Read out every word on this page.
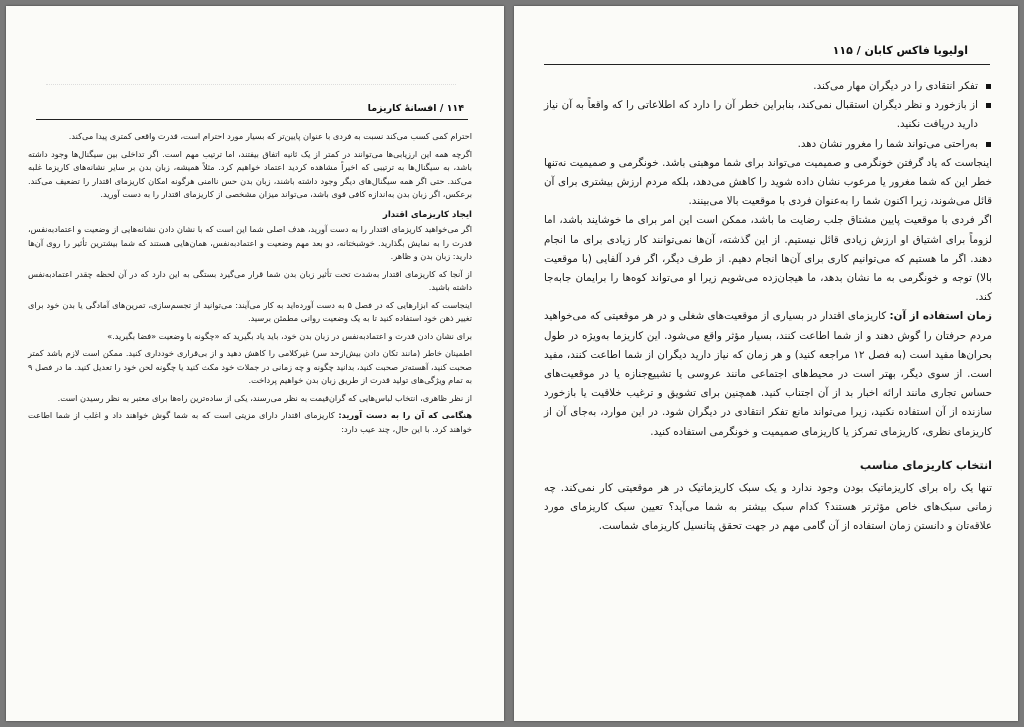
۱۱۴ / افسانهٔ کاریزما

احترام کمی کسب می‌کند نسبت به فردی با عنوان پایین‌تر که بسیار مورد احترام است، قدرت واقعی کمتری پیدا می‌کند.

اگرچه همه این ارزیابی‌ها می‌توانند در کمتر از یک ثانیه اتفاق بیفتند، اما ترتیب مهم است. اگر تداخلی بین سیگنال‌ها وجود داشته باشد، به سیگنال‌ها به ترتیبی که اخیراً مشاهده کردید اعتماد خواهیم کرد. مثلاً همیشه، زبان بدن بر سایر نشانه‌های کاریزما غلبه می‌کند. حتی اگر همه سیگنال‌های دیگر وجود داشته باشند، زبان بدن حس ناامنی هرگونه امکان کاریزمای اقتدار را تضعیف می‌کند. برعکس، اگر زبان بدن به‌اندازه کافی قوی باشد، می‌تواند میزان مشخصی از کاریزمای اقتدار را به دست آورید.

ایجاد کاریزمای اقتدار

اگر می‌خواهید کاریزمای اقتدار را به دست آورید، هدف اصلی شما این است که با نشان دادن نشانه‌هایی از وضعیت و اعتمادبه‌نفس، قدرت را به نمایش بگذارید. خوشبختانه، دو بعد مهم وضعیت و اعتمادبه‌نفس، همان‌هایی هستند که شما بیشترین تأثیر را روی آن‌ها دارید: زبان بدن و ظاهر.

از آنجا که کاریزمای اقتدار به‌شدت تحت تأثیر زبان بدن شما قرار می‌گیرد بستگی به این دارد که در آن لحظه چقدر اعتمادبه‌نفس داشته باشید.

اینجاست که ابزارهایی که در فصل ۵ به دست آورده‌اید به کار می‌آیند: می‌توانید از تجسم‌سازی، تمرین‌های آمادگی یا بدن خود برای تغییر ذهن خود استفاده کنید تا به یک وضعیت روانی مطمئن برسید.

برای نشان دادن قدرت و اعتمادبه‌نفس در زبان بدن خود، باید یاد بگیرید که «چگونه با وضعیت «فضا بگیرید.»

اطمینان خاطر (مانند تکان دادن بیش‌ازحد سر) غیرکلامی را کاهش دهید و از بی‌قراری خودداری کنید. ممکن است لازم باشد کمتر صحبت کنید، آهسته‌تر صحبت کنید، بدانید چگونه و چه زمانی در جملات خود مکث کنید یا چگونه لحن خود را تعدیل کنید. ما در فصل ۹ به تمام ویژگی‌های تولید قدرت از طریق زبان بدن خواهیم پرداخت.

از نظر ظاهری، انتخاب لباس‌هایی که گران‌قیمت به نظر می‌رسند، یکی از ساده‌ترین راه‌ها برای معتبر به نظر رسیدن است.

هنگامی که آن را به دست آورید: کاریزمای اقتدار دارای مزیتی است که به شما گوش خواهند داد و اغلب از شما اطاعت خواهند کرد. با این حال، چند عیب دارد:

اولیویا فاکس کابان / ۱۱۵
تفکر انتقادی را در دیگران مهار می‌کند.
از بازخورد و نظر دیگران استقبال نمی‌کند، بنابراین خطر آن را دارد که اطلاعاتی را که واقعاً به آن نیاز دارید دریافت نکنید.
به‌راحتی می‌تواند شما را مغرور نشان دهد.

اینجاست که یاد گرفتن خونگرمی و صمیمیت می‌تواند برای شما موهبتی باشد. خونگرمی و صمیمیت نه‌تنها خطر این که شما مغرور یا مرعوب نشان داده شوید را کاهش می‌دهد، بلکه مردم ارزش بیشتری برای آن قائل می‌شوند، زیرا اکنون شما را به‌عنوان فردی با موقعیت بالا می‌بینند.

اگر فردی با موقعیت پایین مشتاق جلب رضایت ما باشد، ممکن است این امر برای ما خوشایند باشد، اما لزوماً برای اشتیاق او ارزش زیادی قائل نیستیم. از این گذشته، آن‌ها نمی‌توانند کار زیادی برای ما انجام دهند. اگر ما هستیم که می‌توانیم کاری برای آن‌ها انجام دهیم. از طرف دیگر، اگر فرد آلفایی (با موقعیت بالا) توجه و خونگرمی به ما نشان بدهد، ما هیجان‌زده می‌شویم زیرا او می‌تواند کوه‌ها را برایمان جابه‌جا کند.

زمان استفاده از آن: کاریزمای اقتدار در بسیاری از موقعیت‌های شغلی و در هر موقعیتی که می‌خواهید مردم حرفتان را گوش دهند و از شما اطاعت کنند، بسیار مؤثر واقع می‌شود. این کاریزما به‌ویژه در طول بحران‌ها مفید است (به فصل ۱۲ مراجعه کنید) و هر زمان که نیاز دارید دیگران از شما اطاعت کنند، مفید است. از سوی دیگر، بهتر است در محیط‌های اجتماعی مانند عروسی یا تشییع‌جنازه یا در موقعیت‌های حساس تجاری مانند ارائه اخبار بد از آن اجتناب کنید. همچنین برای تشویق و ترغیب خلاقیت یا بازخورد سازنده از آن استفاده نکنید، زیرا می‌تواند مانع تفکر انتقادی در دیگران شود. در این موارد، به‌جای آن از کاریزمای نظری، کاریزمای تمرکز یا کاریزمای صمیمیت و خونگرمی استفاده کنید.

انتخاب کاریزمای مناسب

تنها یک راه برای کاریزماتیک بودن وجود ندارد و یک سبک کاریزماتیک در هر موقعیتی کار نمی‌کند. چه زمانی سبک‌های خاص مؤثرتر هستند؟ کدام سبک بیشتر به شما می‌آید؟ تعیین سبک کاریزمای مورد علاقه‌تان و دانستن زمان استفاده از آن گامی مهم در جهت تحقق پتانسیل کاریزمای شماست.
